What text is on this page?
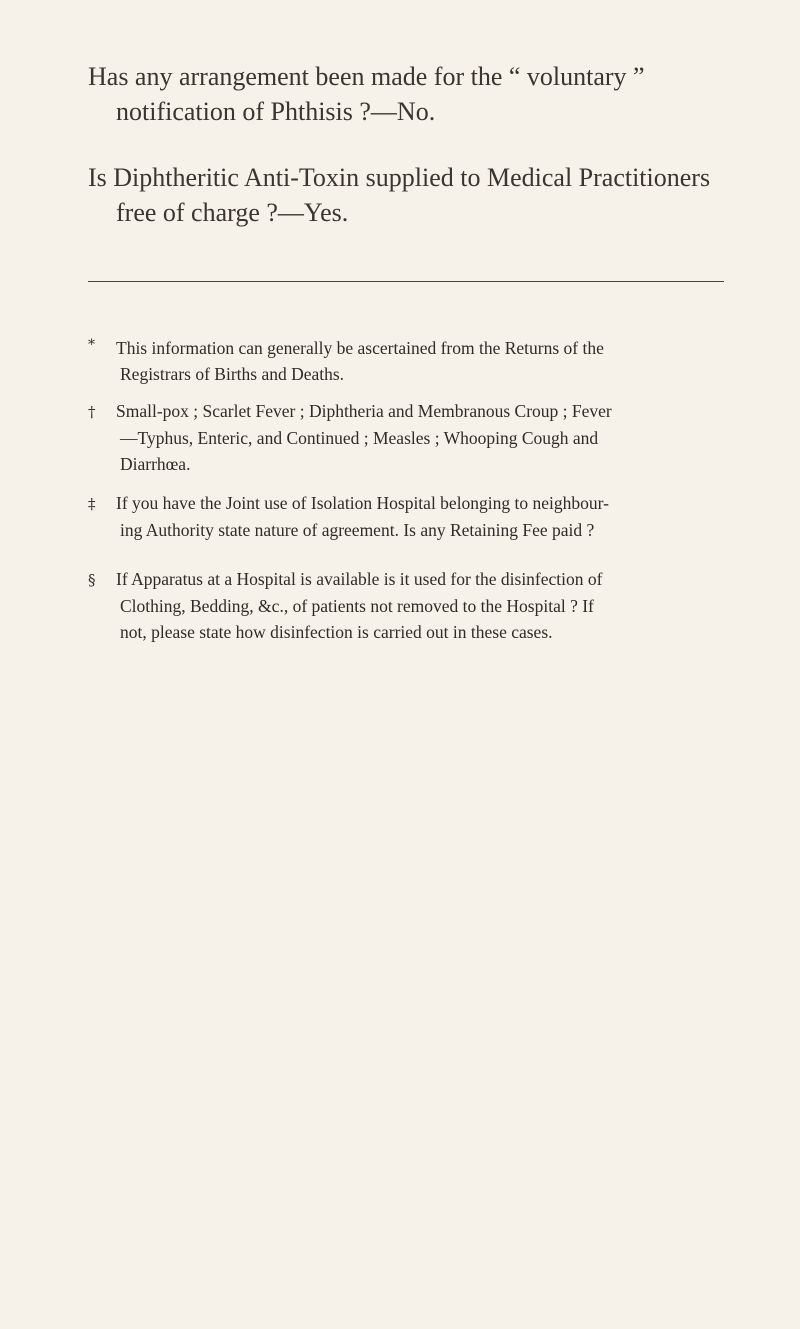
Has any arrangement been made for the “ voluntary ”
notification of Phthisis ?—No.
Is Diphtheritic Anti-Toxin supplied to Medical Practitioners
free of charge ?—Yes.
* This information can generally be ascertained from the Returns of the
Registrars of Births and Deaths.
† Small-pox ; Scarlet Fever ; Diphtheria and Membranous Croup ; Fever
—Typhus, Enteric, and Continued ; Measles ; Whooping Cough and
Diarrhœa.
‡ If you have the Joint use of Isolation Hospital belonging to neighbour-
ing Authority state nature of agreement. Is any Retaining Fee paid ?
§ If Apparatus at a Hospital is available is it used for the disinfection of
Clothing, Bedding, &c., of patients not removed to the Hospital ? If
not, please state how disinfection is carried out in these cases.
